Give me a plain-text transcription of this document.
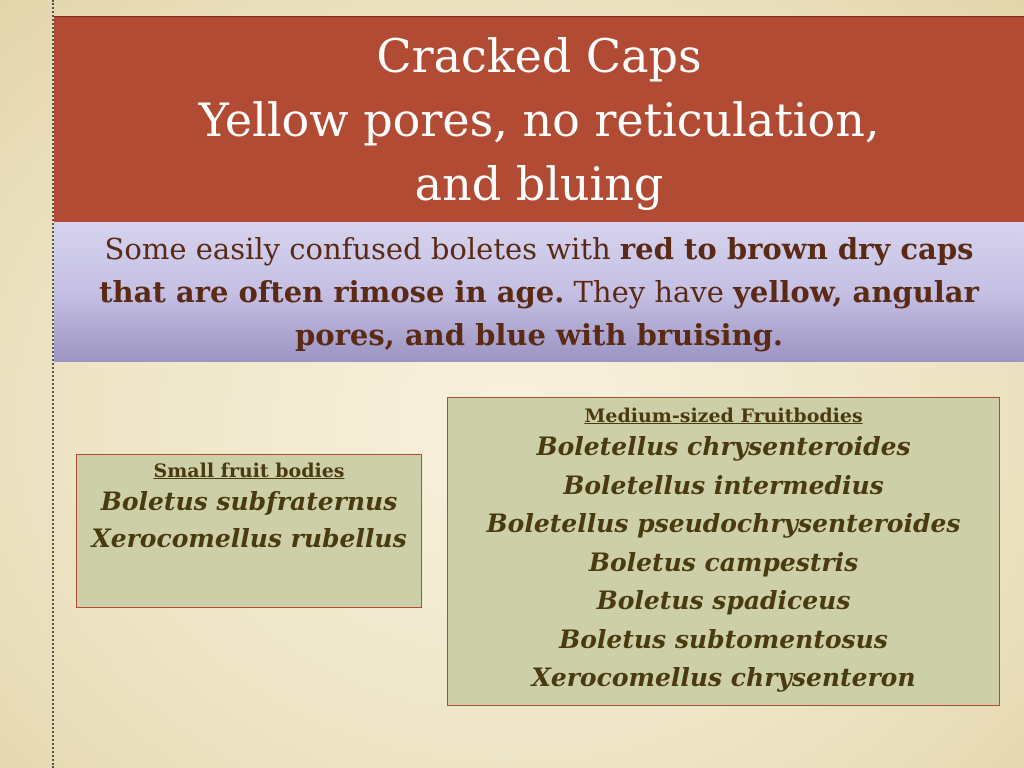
Cracked Caps
Yellow pores, no reticulation,
and bluing

Some easily confused boletes with red to brown dry caps that are often rimose in age. They have yellow, angular pores, and blue with bruising.

Small fruit bodies
Boletus subfraternus
Xerocomellus rubellus
Medium-sized Fruitbodies
Boletellus chrysenteroides
Boletellus intermedius
Boletellus pseudochrysenteroides
Boletus campestris
Boletus spadiceus
Boletus subtomentosus
Xerocomellus chrysenteron
